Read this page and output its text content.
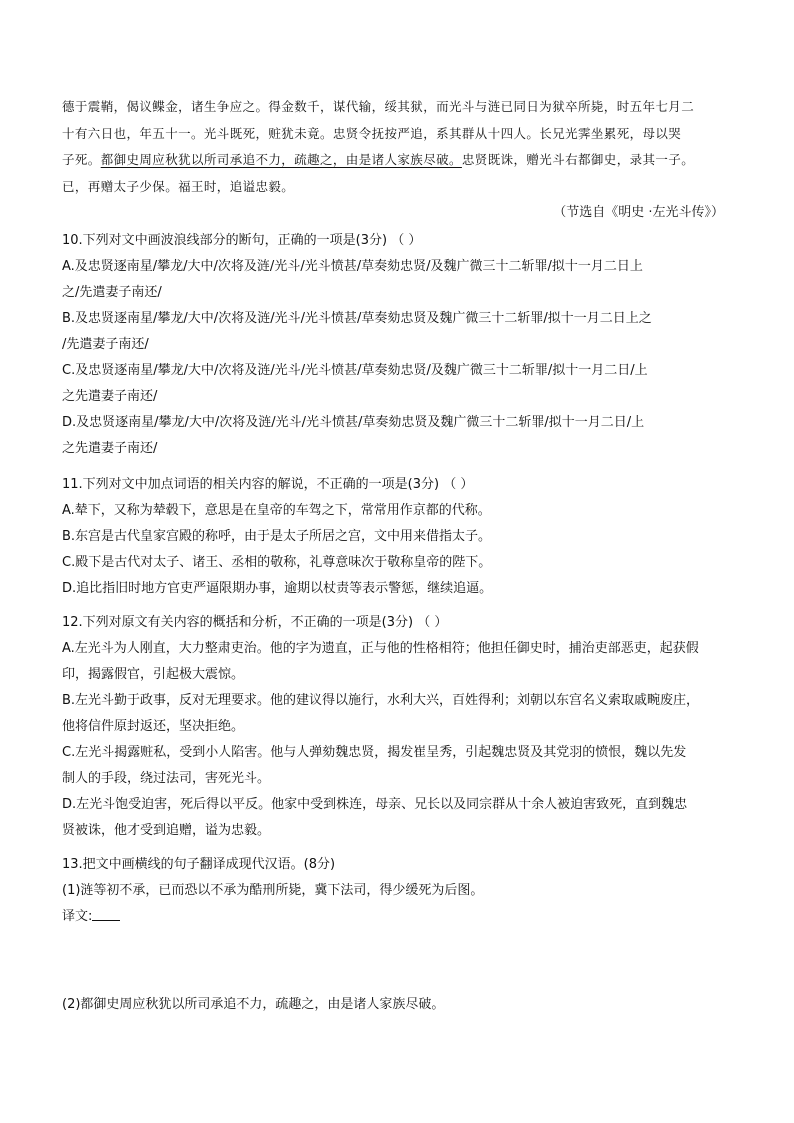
德于震鞘，偈议鲽金，诸生争应之。得金数千，谋代输，绥其狱，而光斗与涟已同日为狱卒所毙，时五年七月二

十有六日也，年五十一。光斗既死，赃犹未竟。忠贤令抚按严追，系其群从十四人。长兄光霁坐累死，母以哭

子死。都御史周应秋犹以所司承追不力，疏趣之，由是诸人家族尽破。忠贤既诛，赠光斗右都御史，录其一子。

已，再赠太子少保。福王时，追谥忠毅。

（节选自《明史 ·左光斗传》）

10.下列对文中画波浪线部分的断句，正确的一项是(3分) （ ）

A.及忠贤逐南星/攀龙/大中/次将及涟/光斗/光斗愤甚/草奏劾忠贤/及魏广微三十二斩罪/拟十一月二日上

之/先遣妻子南还/

B.及忠贤逐南星/攀龙/大中/次将及涟/光斗/光斗愤甚/草奏劾忠贤及魏广微三十二斩罪/拟十一月二日上之

/先遣妻子南还/

C.及忠贤逐南星/攀龙/大中/次将及涟/光斗/光斗愤甚/草奏劾忠贤/及魏广微三十二斩罪/拟十一月二日/上

之先遣妻子南还/

D.及忠贤逐南星/攀龙/大中/次将及涟/光斗/光斗愤甚/草奏劾忠贤及魏广微三十二斩罪/拟十一月二日/上

之先遣妻子南还/

11.下列对文中加点词语的相关内容的解说，不正确的一项是(3分) （ ）

A.辇下，又称为辇毂下，意思是在皇帝的车驾之下，常常用作京都的代称。

B.东宫是古代皇家宫殿的称呼，由于是太子所居之宫，文中用来借指太子。

C.殿下是古代对太子、诸王、丞相的敬称，礼尊意味次于敬称皇帝的陛下。

D.追比指旧时地方官吏严逼限期办事，逾期以杖责等表示警惩，继续追逼。

12.下列对原文有关内容的概括和分析，不正确的一项是(3分) （ ）

A.左光斗为人刚直，大力整肃吏治。他的字为遗直，正与他的性格相符；他担任御史时，捕治吏部恶吏，起获假

印，揭露假官，引起极大震惊。

B.左光斗勤于政事，反对无理要求。他的建议得以施行，水利大兴，百姓得利；刘朝以东宫名义索取戚畹废庄，

他将信件原封返还，坚决拒绝。

C.左光斗揭露赃私，受到小人陷害。他与人弹劾魏忠贤，揭发崔呈秀，引起魏忠贤及其党羽的愤恨，魏以先发

制人的手段，绕过法司，害死光斗。

D.左光斗饱受迫害，死后得以平反。他家中受到株连，母亲、兄长以及同宗群从十余人被迫害致死，直到魏忠

贤被诛，他才受到追赠，谥为忠毅。

13.把文中画横线的句子翻译成现代汉语。(8分)

(1)涟等初不承，已而恐以不承为酷刑所毙，冀下法司，得少缓死为后图。

译文:

(2)都御史周应秋犹以所司承追不力，疏趣之，由是诸人家族尽破。
